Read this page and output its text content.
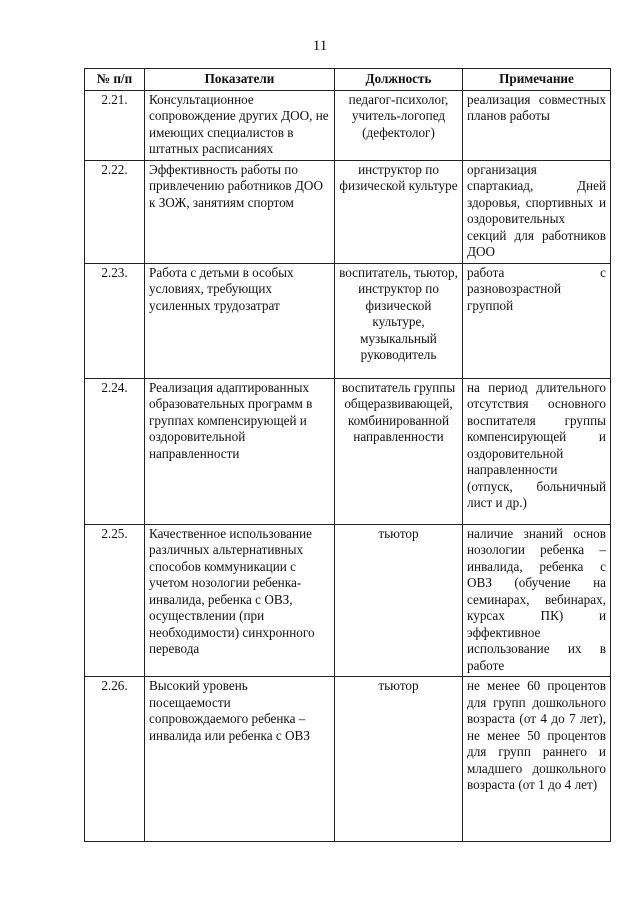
11
№ п/п	Показатели	Должность	Примечание
2.21.	Консультационное сопровождение других ДОО, не имеющих специалистов в штатных расписаниях	педагог-психолог, учитель-логопед (дефектолог)	реализация совместных планов работы
2.22.	Эффективность работы по привлечению работников ДОО к ЗОЖ, занятиям спортом	инструктор по физической культуре	организация спартакиад, Дней здоровья, спортивных и оздоровительных секций для работников ДОО
2.23.	Работа с детьми в особых условиях, требующих усиленных трудозатрат	воспитатель, тьютор, инструктор по физической культуре, музыкальный руководитель	работа с разновозрастной группой
2.24.	Реализация адаптированных образовательных программ в группах компенсирующей и оздоровительной направленности	воспитатель группы общеразвивающей, комбинированной направленности	на период длительного отсутствия основного воспитателя группы компенсирующей и оздоровительной направленности (отпуск, больничный лист и др.)
2.25.	Качественное использование различных альтернативных способов коммуникации с учетом нозологии ребенка-инвалида, ребенка с ОВЗ, осуществлении (при необходимости) синхронного перевода	тьютор	наличие знаний основ нозологии ребенка – инвалида, ребенка с ОВЗ (обучение на семинарах, вебинарах, курсах ПК) и эффективное использование их в работе
2.26.	Высокий уровень посещаемости сопровождаемого ребенка – инвалида или ребенка с ОВЗ	тьютор	не менее 60 процентов для групп дошкольного возраста (от 4 до 7 лет), не менее 50 процентов для групп раннего и младшего дошкольного возраста (от 1 до 4 лет)
